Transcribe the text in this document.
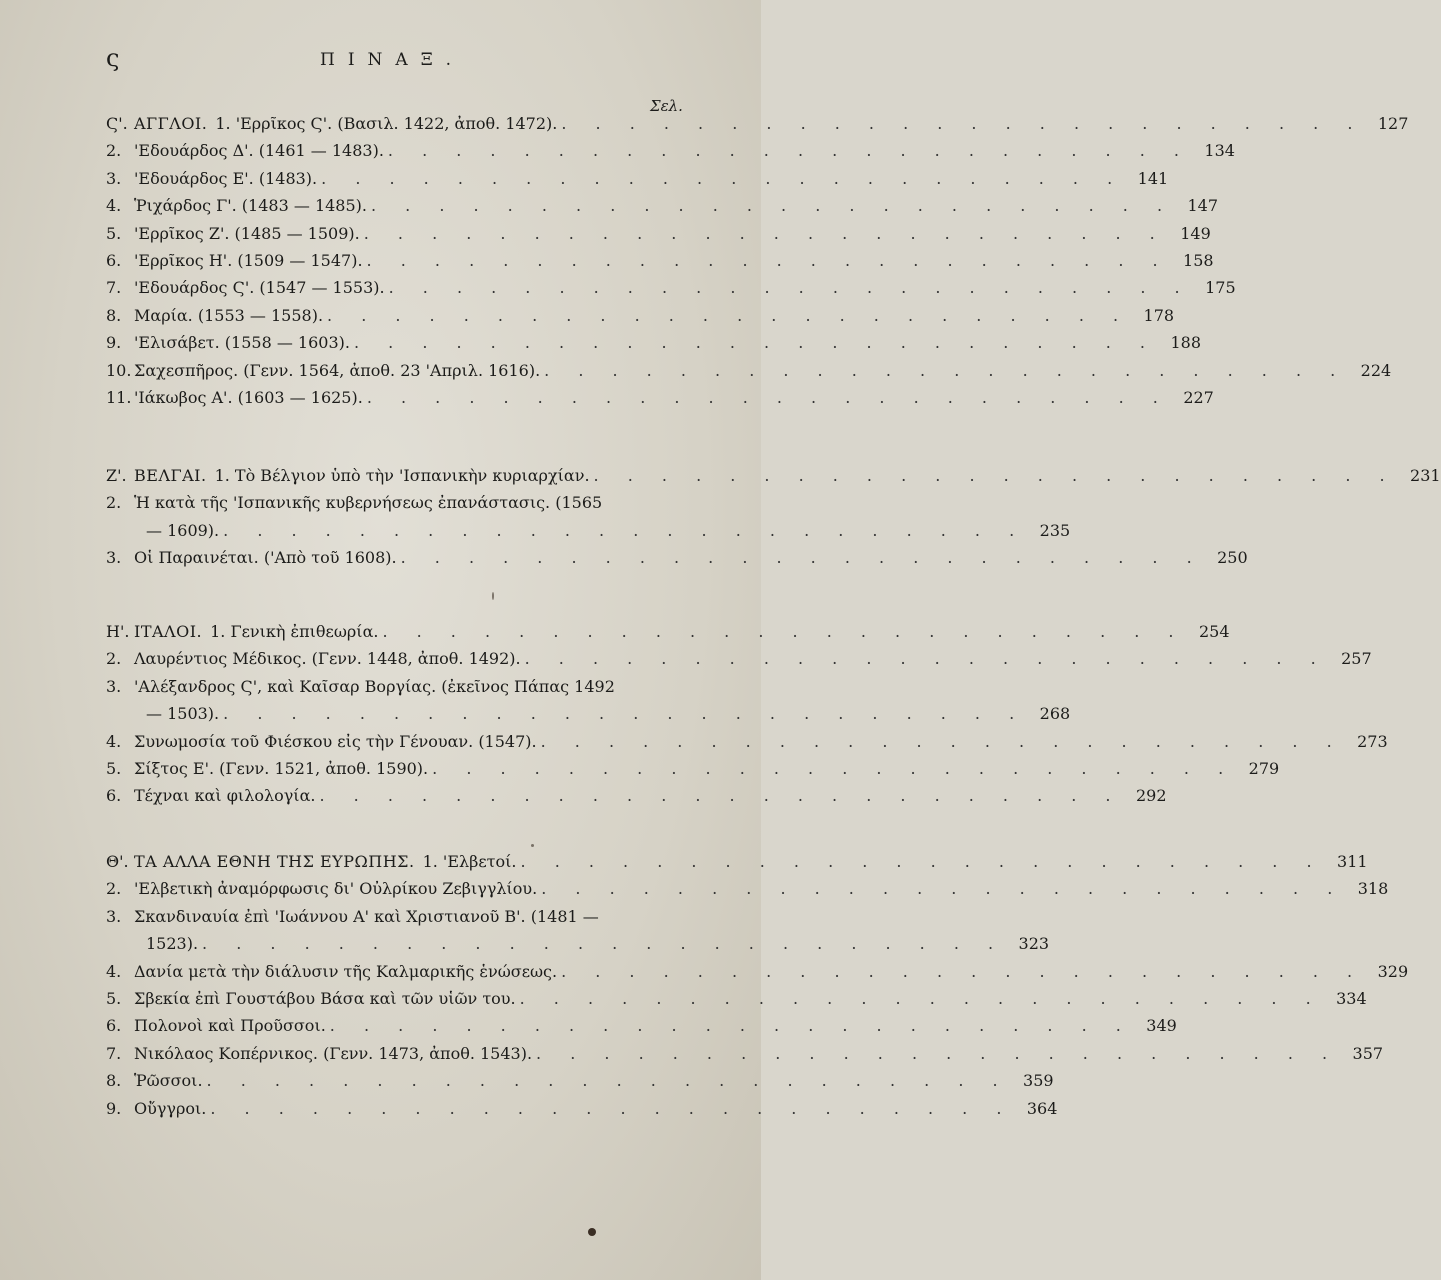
ς	ΠΙΝΑΞ.
Σελ.
Ϛ'. ΑΓΓΛΟΙ. 1. 'Ερρῖκος Ϛ'. (Βασιλ. 1422, ἀποθ. 1472). . . . . . . . . . . . . . . . . . . . . . . . . 127
2. 'Εδουάρδος Δ'. (1461 — 1483). . . . . . . . . . . . . . . . . . . . . . . . . 134
3. 'Εδουάρδος Ε'. (1483). . . . . . . . . . . . . . . . . . . . . . . . . 141
4. Ῥιχάρδος Γ'. (1483 — 1485). . . . . . . . . . . . . . . . . . . . . . . . . 147
5. 'Ερρῖκος Ζ'. (1485 — 1509). . . . . . . . . . . . . . . . . . . . . . . . . 149
6. 'Ερρῖκος Η'. (1509 — 1547). . . . . . . . . . . . . . . . . . . . . . . . . 158
7. 'Εδουάρδος Ϛ'. (1547 — 1553). . . . . . . . . . . . . . . . . . . . . . . . . 175
8. Μαρία. (1553 — 1558). . . . . . . . . . . . . . . . . . . . . . . . . 178
9. 'Ελισάβετ. (1558 — 1603). . . . . . . . . . . . . . . . . . . . . . . . . 188
10. Σαχεσπῆρος. (Γενν. 1564, ἀποθ. 23 'Απριλ. 1616). . . . . . . . . . . . . . . . . . . . . . . . . 224
11. 'Ιάκωβος Α'. (1603 — 1625). . . . . . . . . . . . . . . . . . . . . . . . . 227
Ζ'. ΒΕΛΓΑΙ. 1. Τὸ Βέλγιον ὑπὸ τὴν 'Ισπανικὴν κυριαρχίαν. . . . . . . . . . . . . . . . . . . . . . . . . 231
2. Ἡ κατὰ τῆς 'Ισπανικῆς κυβερνήσεως ἐπανάστασις. (1565
— 1609). . . . . . . . . . . . . . . . . . . . . . . . . 235
3. Οἱ Παραινέται. ('Απὸ τοῦ 1608). . . . . . . . . . . . . . . . . . . . . . . . . 250
Η'. ΙΤΑΛΟΙ. 1. Γενικὴ ἐπιθεωρία. . . . . . . . . . . . . . . . . . . . . . . . . 254
2. Λαυρέντιος Μέδικος. (Γενν. 1448, ἀποθ. 1492). . . . . . . . . . . . . . . . . . . . . . . . . 257
3. 'Αλέξανδρος Ϛ', καὶ Καῖσαρ Βοργίας. (ἐκεῖνος Πάπας 1492
— 1503). . . . . . . . . . . . . . . . . . . . . . . . . 268
4. Συνωμοσία τοῦ Φιέσκου εἰς τὴν Γένουαν. (1547). . . . . . . . . . . . . . . . . . . . . . . . . 273
5. Σίξτος Ε'. (Γενν. 1521, ἀποθ. 1590). . . . . . . . . . . . . . . . . . . . . . . . . 279
6. Τέχναι καὶ φιλολογία. . . . . . . . . . . . . . . . . . . . . . . . . 292
Θ'. ΤΑ ΑΛΛΑ ΕΘΝΗ ΤΗΣ ΕΥΡΩΠΗΣ. 1. 'Ελβετοί. . . . . . . . . . . . . . . . . . . . . . . . . 311
2. 'Ελβετικὴ ἀναμόρφωσις δι' Οὐλρίκου Ζεβιγγλίου. . . . . . . . . . . . . . . . . . . . . . . . . 318
3. Σκανδιναυία ἐπὶ 'Ιωάννου Α' καὶ Χριστιανοῦ Β'. (1481 —
1523). . . . . . . . . . . . . . . . . . . . . . . . . 323
4. Δανία μετὰ τὴν διάλυσιν τῆς Καλμαρικῆς ἑνώσεως. . . . . . . . . . . . . . . . . . . . . . . . . 329
5. Σβεκία ἐπὶ Γουστάβου Βάσα καὶ τῶν υἱῶν του. . . . . . . . . . . . . . . . . . . . . . . . . 334
6. Πολονοὶ καὶ Προῦσσοι. . . . . . . . . . . . . . . . . . . . . . . . . 349
7. Νικόλαος Κοπέρνικος. (Γενν. 1473, ἀποθ. 1543). . . . . . . . . . . . . . . . . . . . . . . . . 357
8. Ῥῶσσοι. . . . . . . . . . . . . . . . . . . . . . . . . 359
9. Οὔγγροι. . . . . . . . . . . . . . . . . . . . . . . . . 364
